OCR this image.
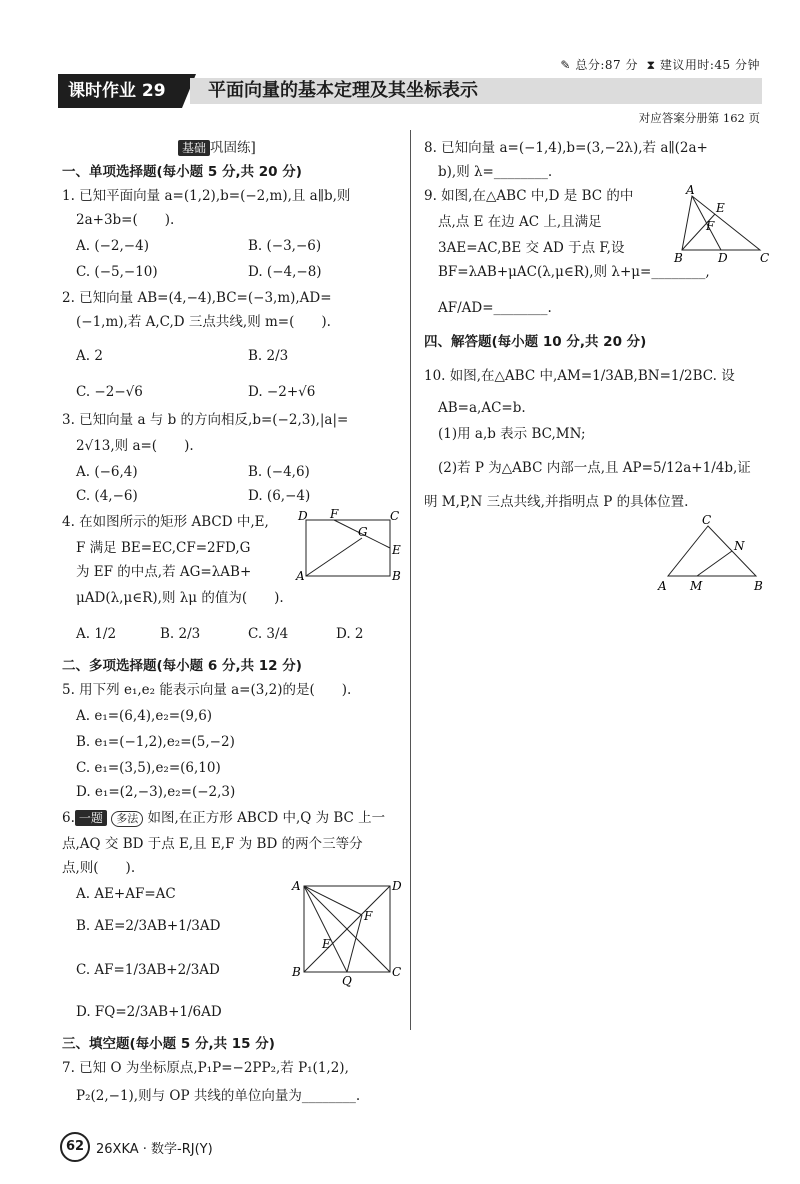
✎ 总分:87 分 ⧗ 建议用时:45 分钟
课时作业 29	平面向量的基本定理及其坐标表示
对应答案分册第 162 页
基础 巩固练]
一、单项选择题(每小题 5 分,共 20 分)
1. 已知平面向量 a=(1,2),b=(−2,m),且 a∥b,则
2a+3b=(　　).
A. (−2,−4)	B. (−3,−6)
C. (−5,−10)	D. (−4,−8)
2. 已知向量 AB=(4,−4),BC=(−3,m),AD=
(−1,m),若 A,C,D 三点共线,则 m=(　　).
A. 2	B. 2/3
C. −2−√6	D. −2+√6
3. 已知向量 a 与 b 的方向相反,b=(−2,3),|a|=
2√13,则 a=(　　).
A. (−6,4)	B. (−4,6)
C. (4,−6)	D. (6,−4)
4. 在如图所示的矩形 ABCD 中,E,
F 满足 BE=EC,CF=2FD,G
为 EF 的中点,若 AG=λAB+
μAD(λ,μ∈R),则 λμ 的值为(　　).
A. 1/2	B. 2/3	C. 3/4	D. 2
A	B
C
D
E
F
G
二、多项选择题(每小题 6 分,共 12 分)
5. 用下列 e₁,e₂ 能表示向量 a=(3,2)的是(　　).
A. e₁=(6,4),e₂=(9,6)
B. e₁=(−1,2),e₂=(5,−2)
C. e₁=(3,5),e₂=(6,10)
D. e₁=(2,−3),e₂=(−2,3)
6. 一题 多法 如图,在正方形 ABCD 中,Q 为 BC 上一
点,AQ 交 BD 于点 E,且 E,F 为 BD 的两个三等分
点,则(　　).
A. AE+AF=AC
B. AE=2/3AB+1/3AD
C. AF=1/3AB+2/3AD
D. FQ=2/3AB+1/6AD
A	D
B	C
E
F
Q
三、填空题(每小题 5 分,共 15 分)
7. 已知 O 为坐标原点,P₁P=−2PP₂,若 P₁(1,2),
P₂(2,−1),则与 OP 共线的单位向量为________.
8. 已知向量 a=(−1,4),b=(3,−2λ),若 a∥(2a+
b),则 λ=________.
9. 如图,在△ABC 中,D 是 BC 的中
点,点 E 在边 AC 上,且满足
3AE=AC,BE 交 AD 于点 F,设
BF=λAB+μAC(λ,μ∈R),则 λ+μ=________,
AF/AD=________.
A
B	C
D
E
F
四、解答题(每小题 10 分,共 20 分)
10. 如图,在△ABC 中,AM=1/3AB,BN=1/2BC. 设
AB=a,AC=b.
(1)用 a,b 表示 BC,MN;
(2)若 P 为△ABC 内部一点,且 AP=5/12a+1/4b,证
明 M,P,N 三点共线,并指明点 P 的具体位置.
C
A	B
M
N
62 26XKA · 数学-RJ(Y)
